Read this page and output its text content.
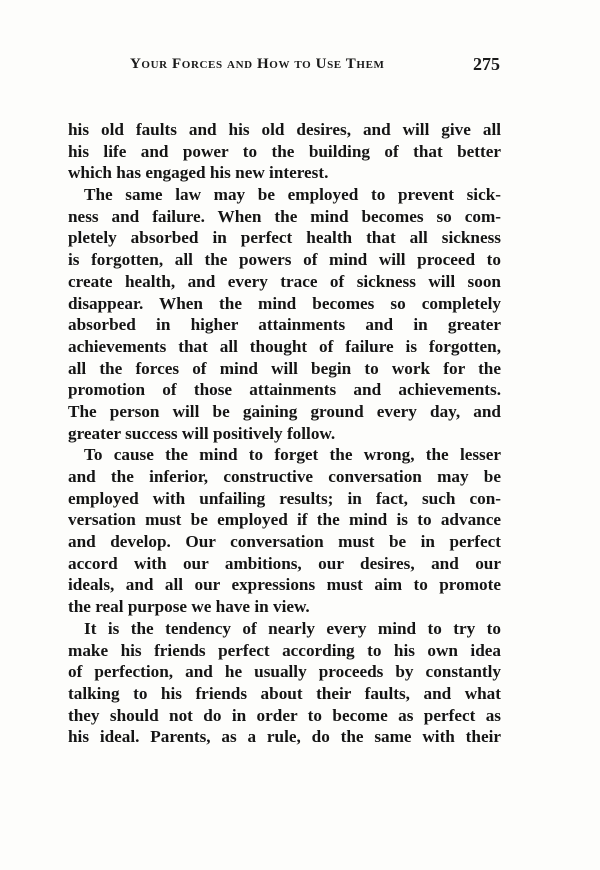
Your Forces and How to Use Them	275
his old faults and his old desires, and will give all
his life and power to the building of that better
which has engaged his new interest.
The same law may be employed to prevent sick-
ness and failure. When the mind becomes so com-
pletely absorbed in perfect health that all sickness
is forgotten, all the powers of mind will proceed to
create health, and every trace of sickness will soon
disappear. When the mind becomes so completely
absorbed in higher attainments and in greater
achievements that all thought of failure is forgotten,
all the forces of mind will begin to work for the
promotion of those attainments and achievements.
The person will be gaining ground every day, and
greater success will positively follow.
To cause the mind to forget the wrong, the lesser
and the inferior, constructive conversation may be
employed with unfailing results; in fact, such con-
versation must be employed if the mind is to advance
and develop. Our conversation must be in perfect
accord with our ambitions, our desires, and our
ideals, and all our expressions must aim to promote
the real purpose we have in view.
It is the tendency of nearly every mind to try to
make his friends perfect according to his own idea
of perfection, and he usually proceeds by constantly
talking to his friends about their faults, and what
they should not do in order to become as perfect as
his ideal. Parents, as a rule, do the same with their
